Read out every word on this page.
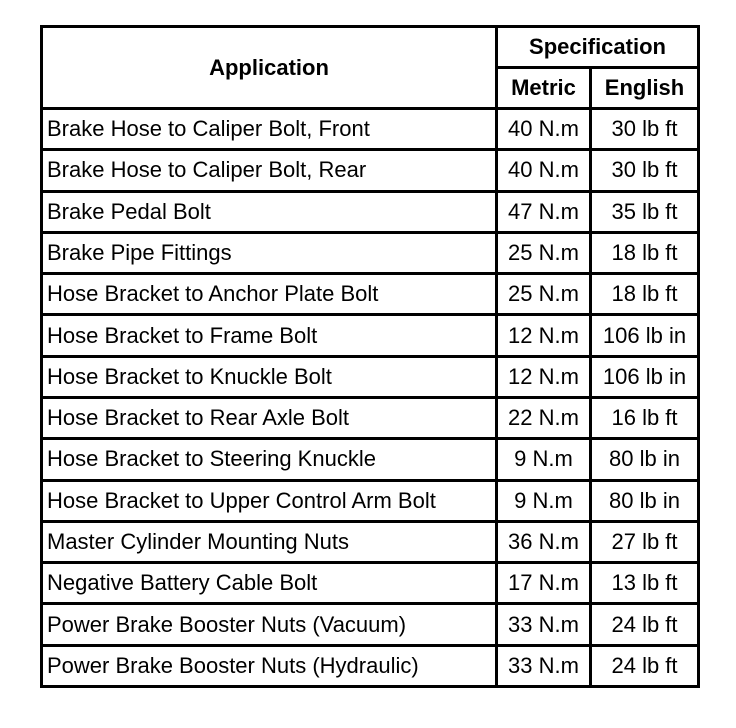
Application	Specification	
	Metric	English
Brake Hose to Caliper Bolt, Front	40 N.m	30 lb ft
Brake Hose to Caliper Bolt, Rear	40 N.m	30 lb ft
Brake Pedal Bolt	47 N.m	35 lb ft
Brake Pipe Fittings	25 N.m	18 lb ft
Hose Bracket to Anchor Plate Bolt	25 N.m	18 lb ft
Hose Bracket to Frame Bolt	12 N.m	106 lb in
Hose Bracket to Knuckle Bolt	12 N.m	106 lb in
Hose Bracket to Rear Axle Bolt	22 N.m	16 lb ft
Hose Bracket to Steering Knuckle	9 N.m	80 lb in
Hose Bracket to Upper Control Arm Bolt	9 N.m	80 lb in
Master Cylinder Mounting Nuts	36 N.m	27 lb ft
Negative Battery Cable Bolt	17 N.m	13 lb ft
Power Brake Booster Nuts (Vacuum)	33 N.m	24 lb ft
Power Brake Booster Nuts (Hydraulic)	33 N.m	24 lb ft
